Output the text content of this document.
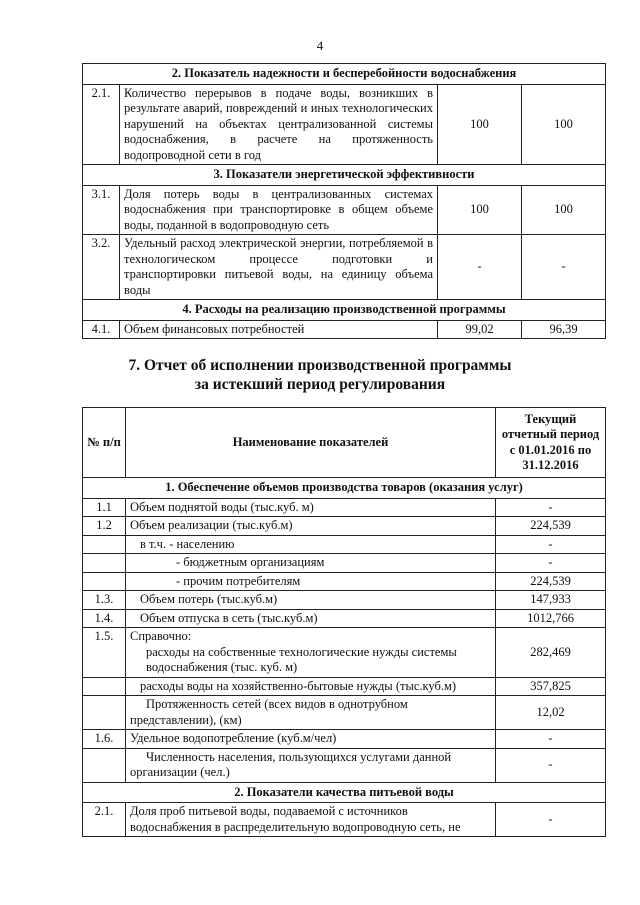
4
2. Показатель надежности и бесперебойности водоснабжения			
2.1.	Количество перерывов в подаче воды, возникших в результате аварий, повреждений и иных технологических нарушений на объектах централизованной системы водоснабжения, в расчете на протяженность водопроводной сети в год	100	100
3. Показатели энергетической эффективности			
3.1.	Доля потерь воды в централизованных системах водоснабжения при транспортировке в общем объеме воды, поданной в водопроводную сеть	100	100
3.2.	Удельный расход электрической энергии, потребляемой в технологическом процессе подготовки и транспортировки питьевой воды, на единицу объема воды	-	-
4. Расходы на реализацию производственной программы			
4.1.	Объем финансовых потребностей	99,02	96,39
7. Отчет об исполнении производственной программы
за истекший период регулирования
№ п/п	Наименование показателей	Текущий
отчетный период
с 01.01.2016 по
31.12.2016

1. Обеспечение объемов производства товаров (оказания услуг)		
1.1	Объем поднятой воды (тыс.куб. м)	-
1.2	Объем реализации (тыс.куб.м)	224,539
	в т.ч. - населению	-
	- бюджетным организациям	-
	- прочим потребителям	224,539
1.3.	Объем потерь (тыс.куб.м)	147,933
1.4.	Объем отпуска в сеть (тыс.куб.м)	1012,766
1.5.	Справочно:
расходы на собственные технологические нужды системы
водоснабжения (тыс. куб. м)	282,469
	расходы воды на хозяйственно-бытовые нужды (тыс.куб.м)	357,825

	Протяженность сетей (всех видов в однотрубном
представлении), (км)	12,02
1.6.	Удельное водопотребление (куб.м/чел)	-

	Численность населения, пользующихся услугами данной
организации (чел.)	-
2. Показатели качества питьевой воды		
2.1.	Доля проб питьевой воды, подаваемой с источников
водоснабжения в распределительную водопроводную сеть, не	-
